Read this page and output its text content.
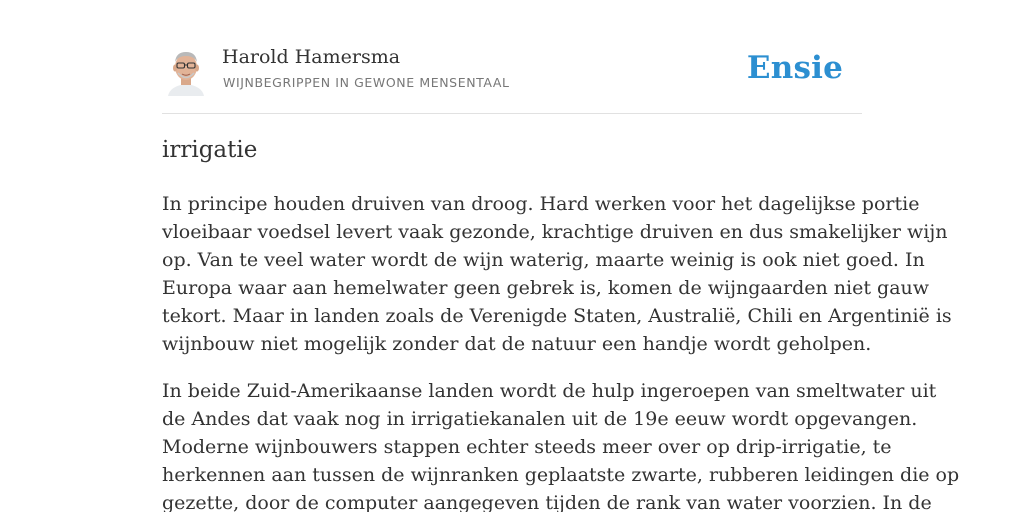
Harold Hamersma
WIJNBEGRIPPEN IN GEWONE MENSENTAAL	Ensie
irrigatie

In principe houden druiven van droog. Hard werken voor het dagelijkse portie
vloeibaar voedsel levert vaak gezonde, krachtige druiven en dus smakelijker wijn
op. Van te veel water wordt de wijn waterig, maarte weinig is ook niet goed. In
Europa waar aan hemelwater geen gebrek is, komen de wijngaarden niet gauw
tekort. Maar in landen zoals de Verenigde Staten, Australië, Chili en Argentinië is
wijnbouw niet mogelijk zonder dat de natuur een handje wordt geholpen.

In beide Zuid-Amerikaanse landen wordt de hulp ingeroepen van smeltwater uit
de Andes dat vaak nog in irrigatiekanalen uit de 19e eeuw wordt opgevangen.
Moderne wijnbouwers stappen echter steeds meer over op drip-irrigatie, te
herkennen aan tussen de wijnranken geplaatste zwarte, rubberen leidingen die op
gezette, door de computer aangegeven tijden de rank van water voorzien. In de
